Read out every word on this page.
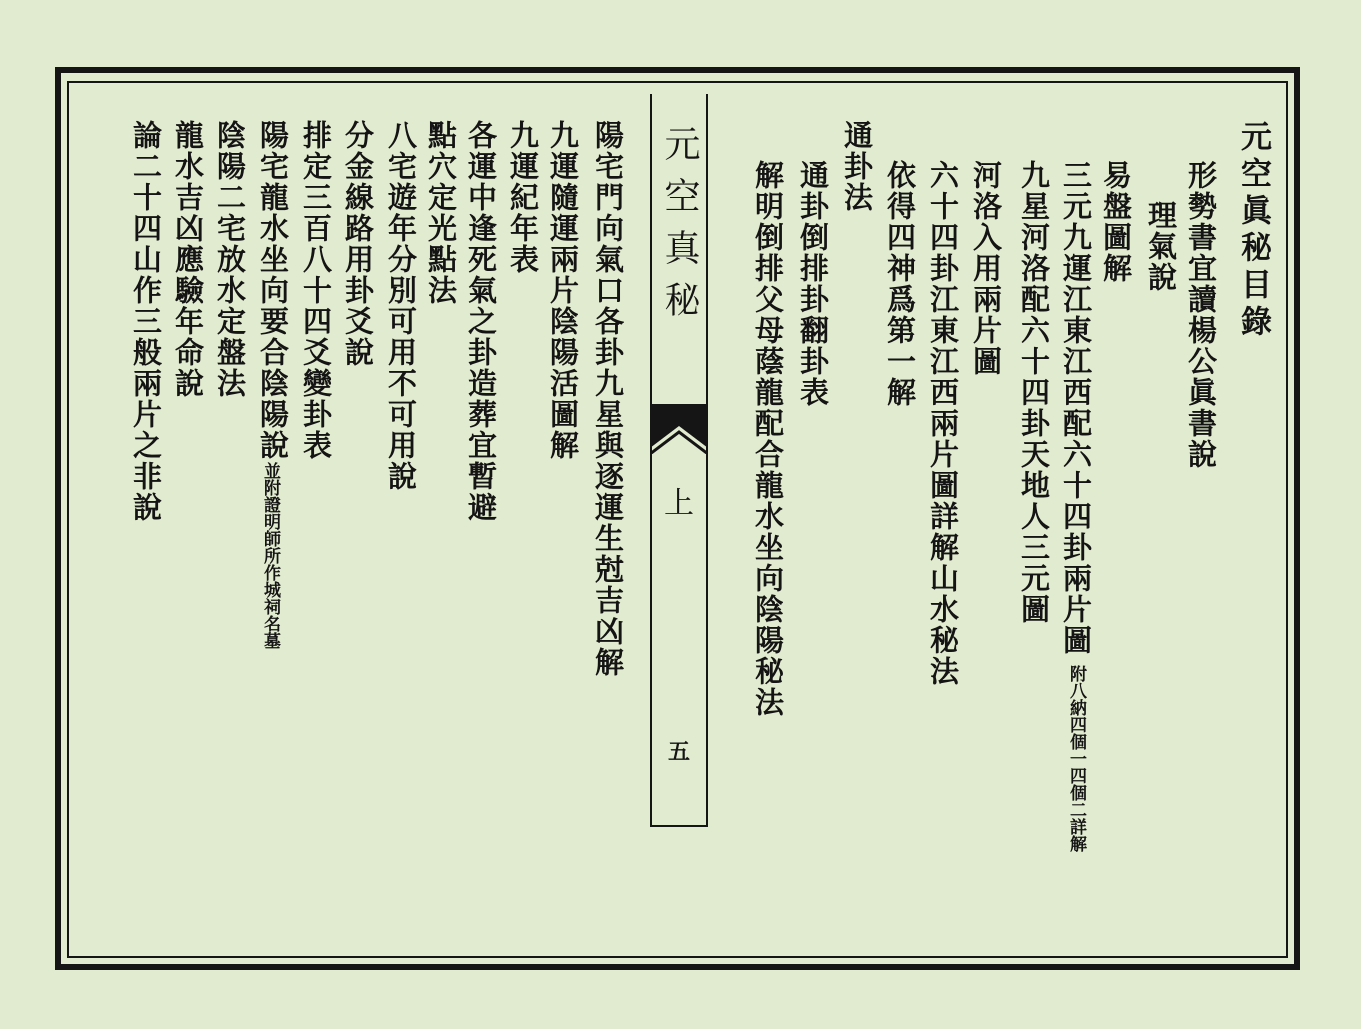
元空真秘
上
五
元空眞秘目錄
形勢書宜讀楊公眞書說
理氣說
易盤圖解
三元九運江東江西配六十四卦兩片圖
附八納四個一四個二詳解
九星河洛配六十四卦天地人三元圖
河洛入用兩片圖
六十四卦江東江西兩片圖詳解山水秘法
依得四神爲第一解
通卦法
通卦倒排卦翻卦表
解明倒排父母蔭龍配合龍水坐向陰陽秘法
陽宅門向氣口各卦九星與逐運生尅吉凶解
九運隨運兩片陰陽活圖解
九運紀年表
各運中逢死氣之卦造葬宜暫避
點穴定光點法
八宅遊年分別可用不可用說
分金線路用卦爻說
排定三百八十四爻變卦表
陽宅龍水坐向要合陰陽說
並附證明師所作城祠名墓
陰陽二宅放水定盤法
龍水吉凶應驗年命說
論二十四山作三般兩片之非說
